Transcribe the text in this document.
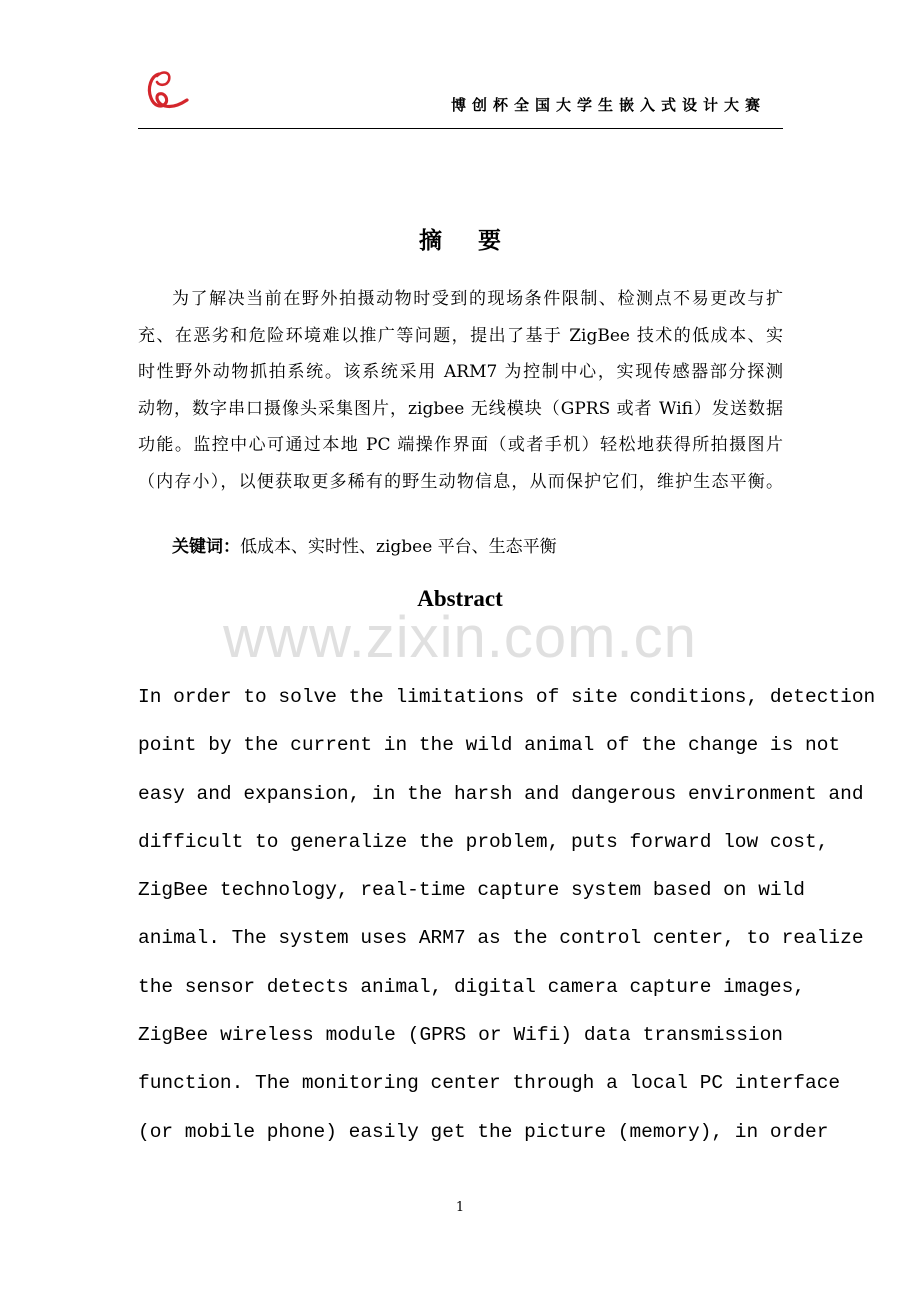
博创杯全国大学生嵌入式设计大赛
摘 要
为了解决当前在野外拍摄动物时受到的现场条件限制、检测点不易更改与扩
充、在恶劣和危险环境难以推广等问题，提出了基于 ZigBee 技术的低成本、实
时性野外动物抓拍系统。该系统采用 ARM7 为控制中心，实现传感器部分探测
动物，数字串口摄像头采集图片，zigbee 无线模块（GPRS 或者 Wifi）发送数据
功能。监控中心可通过本地 PC 端操作界面（或者手机）轻松地获得所拍摄图片
（内存小），以便获取更多稀有的野生动物信息，从而保护它们，维护生态平衡。
关键词：低成本、实时性、zigbee 平台、生态平衡
www.zixin.com.cn
Abstract
In order to solve the limitations of site conditions, detection
point by the current in the wild animal of the change is not
easy and expansion, in the harsh and dangerous environment and
difficult to generalize the problem, puts forward low cost,
ZigBee technology, real-time capture system based on wild
animal. The system uses ARM7 as the control center, to realize
the sensor detects animal, digital camera capture images,
ZigBee wireless module (GPRS or Wifi) data transmission
function. The monitoring center through a local PC interface
(or mobile phone) easily get the picture (memory), in order
1
